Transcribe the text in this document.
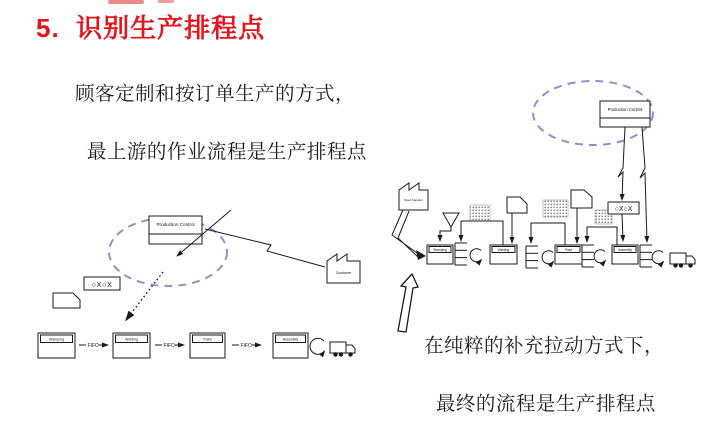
5.  识别生产排程点
顾客定制和按订单生产的方式，

最上游的作业流程是生产排程点
在纯粹的补充拉动方式下，

最终的流程是生产排程点
Production Control
Customer
○X○X
Stamping
FIFO
Welding
FIFO
Paint
FIFO
Assembly
Production Control
Steel Supplier
Stamping	Welding	Paint	Assembly
○X○X
